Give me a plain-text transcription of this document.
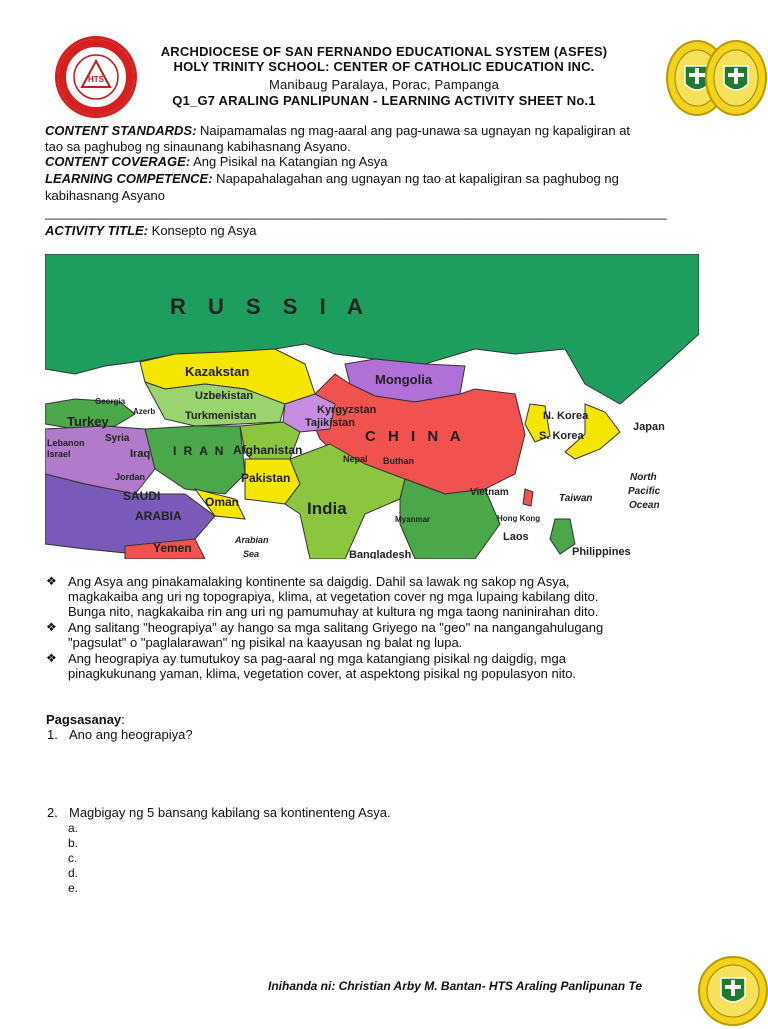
HTS
ARCHDIOCESE OF SAN FERNANDO EDUCATIONAL SYSTEM (ASFES)
HOLY TRINITY SCHOOL: CENTER OF CATHOLIC EDUCATION INC.
Manibaug Paralaya, Porac, Pampanga
Q1_G7 ARALING PANLIPUNAN - LEARNING ACTIVITY SHEET No.1
CONTENT STANDARDS: Naipamamalas ng mag-aaral ang pag-unawa sa ugnayan ng kapaligiran at
tao sa paghubog ng sinaunang kabihasnang Asyano.
CONTENT COVERAGE: Ang Pisikal na Katangian ng Asya
LEARNING COMPETENCE: Napapahalagahan ang ugnayan ng tao at kapaligiran sa paghubog ng
kabihasnang Asyano
______________________________________________________________________________________
ACTIVITY TITLE: Konsepto ng Asya
R U S S I A
Kazakstan
Mongolia
Uzbekistan
Turkmenistan	Kyrgyzstan
Tajikistan
Georgia
Azerb
Turkey
Syria
Lebanon
Israel	Iraq I R A N Afghanistan
C H I N A
N. Korea
S. Korea
Japan
Nepal Buthan
Jordan
SAUDI
ARABIA
Pakistan
Oman	India
Myanmar
Vietnam
Taiwan
Hong Kong
Laos
Philippines
Bangladesh
Yemen
Arabian
Sea
North
Pacific
Ocean
❖ Ang Asya ang pinakamalaking kontinente sa daigdig. Dahil sa lawak ng sakop ng Asya,
magkakaiba ang uri ng topograpiya, klima, at vegetation cover ng mga lupaing kabilang dito.
Bunga nito, nagkakaiba rin ang uri ng pamumuhay at kultura ng mga taong naninirahan dito.
❖ Ang salitang "heograpiya" ay hango sa mga salitang Griyego na "geo" na nangangahulugang
"pagsulat" o "paglalarawan" ng pisikal na kaayusan ng balat ng lupa.
❖ Ang heograpiya ay tumutukoy sa pag-aaral ng mga katangiang pisikal ng daigdig, mga
pinagkukunang yaman, klima, vegetation cover, at aspektong pisikal ng populasyon nito.
Pagsasanay:
1. Ano ang heograpiya?
2. Magbigay ng 5 bansang kabilang sa kontinenteng Asya.
a.
b.
c.
d.
e.
Inihanda ni: Christian Arby M. Bantan- HTS Araling Panlipunan Te
